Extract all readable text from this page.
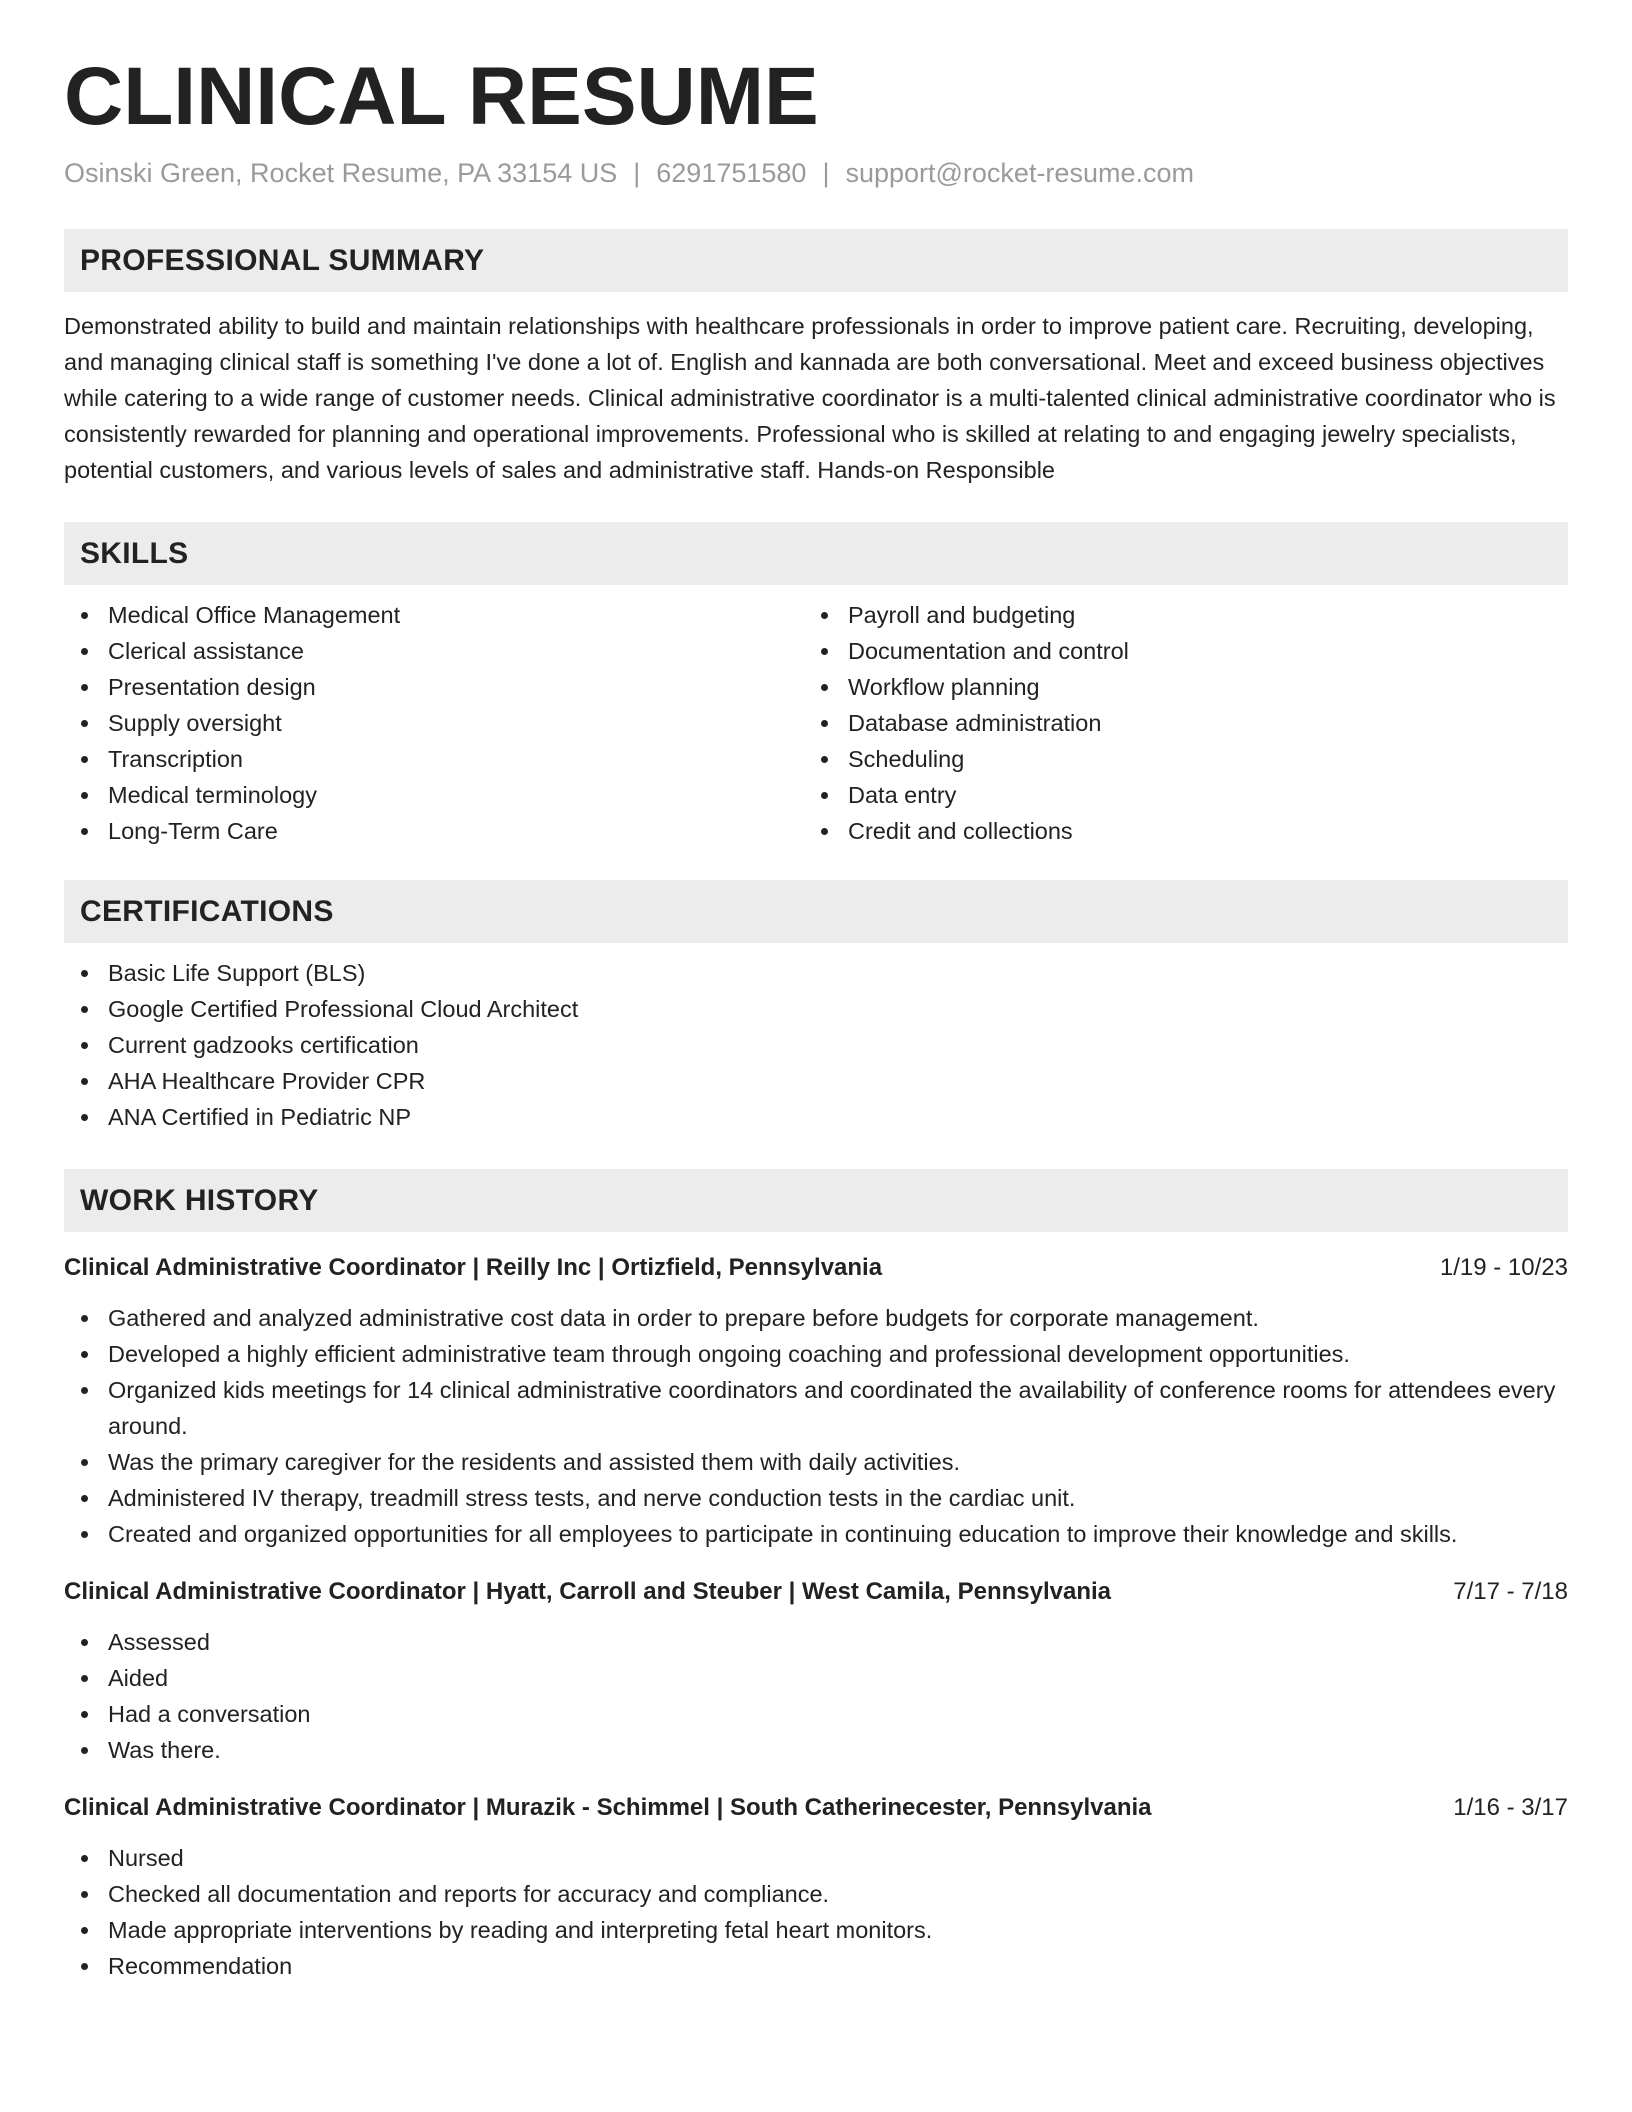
CLINICAL RESUME
Osinski Green, Rocket Resume, PA 33154 US | 6291751580 | support@rocket-resume.com
PROFESSIONAL SUMMARY
Demonstrated ability to build and maintain relationships with healthcare professionals in order to improve patient care. Recruiting, developing, and managing clinical staff is something I've done a lot of. English and kannada are both conversational. Meet and exceed business objectives while catering to a wide range of customer needs. Clinical administrative coordinator is a multi-talented clinical administrative coordinator who is consistently rewarded for planning and operational improvements. Professional who is skilled at relating to and engaging jewelry specialists, potential customers, and various levels of sales and administrative staff. Hands-on Responsible
SKILLS
Medical Office Management
Clerical assistance
Presentation design
Supply oversight
Transcription
Medical terminology
Long-Term Care
Payroll and budgeting
Documentation and control
Workflow planning
Database administration
Scheduling
Data entry
Credit and collections
CERTIFICATIONS
Basic Life Support (BLS)
Google Certified Professional Cloud Architect
Current gadzooks certification
AHA Healthcare Provider CPR
ANA Certified in Pediatric NP
WORK HISTORY
Clinical Administrative Coordinator | Reilly Inc | Ortizfield, Pennsylvania	1/19 - 10/23
Gathered and analyzed administrative cost data in order to prepare before budgets for corporate management.
Developed a highly efficient administrative team through ongoing coaching and professional development opportunities.
Organized kids meetings for 14 clinical administrative coordinators and coordinated the availability of conference rooms for attendees every around.
Was the primary caregiver for the residents and assisted them with daily activities.
Administered IV therapy, treadmill stress tests, and nerve conduction tests in the cardiac unit.
Created and organized opportunities for all employees to participate in continuing education to improve their knowledge and skills.
Clinical Administrative Coordinator | Hyatt, Carroll and Steuber | West Camila, Pennsylvania	7/17 - 7/18
Assessed
Aided
Had a conversation
Was there.
Clinical Administrative Coordinator | Murazik - Schimmel | South Catherinecester, Pennsylvania	1/16 - 3/17
Nursed
Checked all documentation and reports for accuracy and compliance.
Made appropriate interventions by reading and interpreting fetal heart monitors.
Recommendation
